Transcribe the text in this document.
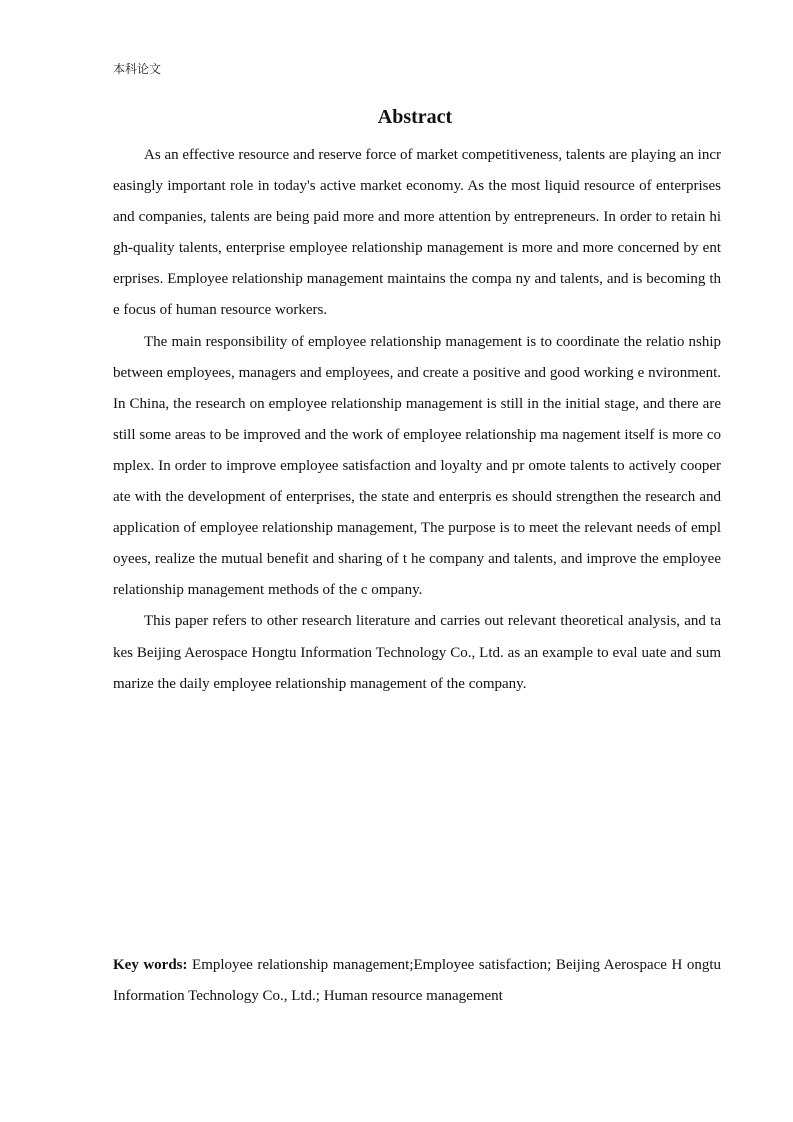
本科论文
Abstract

As an effective resource and reserve force of market competitiveness, talents are playing an increasingly important role in today's active market economy. As the most liquid resource of enterprises and companies, talents are being paid more and more attention by entrepreneurs. In order to retain high-quality talents, enterprise employee relationship management is more and more concerned by enterprises. Employee relationship management maintains the compa ny and talents, and is becoming the focus of human resource workers.

The main responsibility of employee relationship management is to coordinate the relatio nship between employees, managers and employees, and create a positive and good working e nvironment. In China, the research on employee relationship management is still in the initial stage, and there are still some areas to be improved and the work of employee relationship ma nagement itself is more complex. In order to improve employee satisfaction and loyalty and pr omote talents to actively cooperate with the development of enterprises, the state and enterpris es should strengthen the research and application of employee relationship management, The purpose is to meet the relevant needs of employees, realize the mutual benefit and sharing of t he company and talents, and improve the employee relationship management methods of the c ompany.

This paper refers to other research literature and carries out relevant theoretical analysis, and takes Beijing Aerospace Hongtu Information Technology Co., Ltd. as an example to eval uate and summarize the daily employee relationship management of the company.

Key words: Employee relationship management;Employee satisfaction; Beijing Aerospace H ongtu Information Technology Co., Ltd.; Human resource management
